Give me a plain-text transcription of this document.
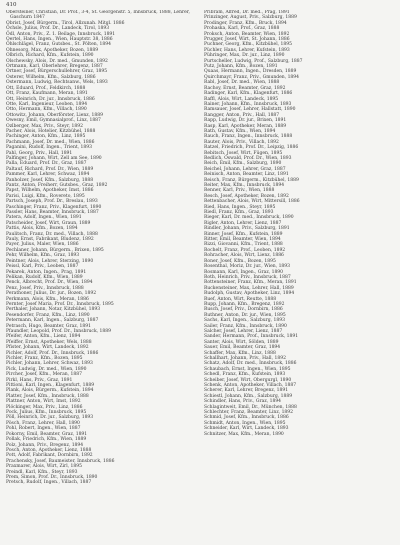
410

Obersteiner, Christian, Dr. Prof., 3-4, St. Georgenstr. 5, Innsbruck, 1888, Lehrer, Gaschurn 1847

Obrist, Josef, Bürgerm., Tirol, Allzunah. Mitgl. 1886

Öchsle, Julius, Prof. Dr., Landeck, Tirol, 1893

Ödl, Anton, Priv., Z. 1. Beilage, Innsbruck, 1891

Oertel, Hans, Ingen., Wien, Hauptstr. 38, 1886

Öhlschlägel, Franz, Gutsbes., St. Pölten, 1894

Ohnesorg, Max, Apotheker, Bozen, 1889

Olbrich, Richard, Kfm., Kufstein, 1890

Olschewsky, Alois, Dr. med., Gmunden, 1892

Ortmann, Karl, Oberlehrer, Bregenz, 1887

Ortner, Josef, Bürgerschullehrer, Graz, 1895

Osterer, Wilhelm, Kfm., Salzburg, 1886

Ostermann, Ludwig, Rechtsanw., Wels, 1893

Ott, Eduard, Prof., Feldkirch, 1888

Ott, Franz, Kaufmann, Meran, 1891

Ott, Heinrich, Dr. jur., Innsbruck, 1886

Otte, Karl, Ingenieur, Leoben, 1894

Otto, Hermann, Kfm., Villach, 1890

Ottowitz, Johann, Oberförster, Lienz, 1889

Owesny, Emil, Gymnasialprof., Linz, 1887

Ozlberger, Max, Priv., Steyr, 1892

Pacher, Alois, Hotelier, Kitzbühel, 1888

Pachinger, Anton, Kfm., Linz, 1895

Pachmann, Josef, Dr. med., Wien, 1886

Paganini, Rudolf, Ingen., Trient, 1893

Pahl, Georg, Priv., Hall, 1891

Palfinger, Johann, Wirt, Zell am See, 1890

Palla, Eduard, Prof. Dr., Graz, 1887

Paltauf, Richard, Prof. Dr., Wien, 1889

Pammer, Karl, Lehrer, Schwaz, 1894

Panholzer, Josef, Kfm., Salzburg, 1888

Pantz, Anton, Freiherr, Gutsbes., Graz, 1892

Papst, Wilhelm, Apotheker, Imst, 1886

Parisi, Luigi, Kfm., Rovereto, 1895

Partsch, Joseph, Prof. Dr., Breslau, 1893

Paschinger, Franz, Priv., Klagenfurt, 1890

Passler, Hans, Beamter, Innsbruck, 1887

Patera, Adolf, Ingen., Wien, 1891

Patscheider, Josef, Wirt, Graun, 1889

Pattis, Alois, Kfm., Bozen, 1894

Paulitsch, Franz, Dr. med., Villach, 1888

Pauly, Ernst, Fabrikant, Bludenz, 1892

Payer, Julius, Maler, Wien, 1886

Pechlaner, Johann, Bürgerm., Brixen, 1895

Pehr, Wilhelm, Kfm., Graz, 1893

Peintner, Alois, Lehrer, Sterzing, 1890

Peissl, Karl, Priv., Leoben, 1887

Pekarek, Anton, Ingen., Prag, 1891

Pelikan, Rudolf, Kfm., Wien, 1889

Penck, Albrecht, Prof. Dr., Wien, 1894

Penz, Josef, Priv., Innsbruck, 1888

Perathoner, Julius, Dr. jur., Bozen, 1892

Perkmann, Alois, Kfm., Meran, 1886

Pernter, Josef Maria, Prof. Dr., Innsbruck, 1895

Perthaler, Johann, Notar, Kitzbühel, 1893

Pesendorfer, Franz, Kfm., Linz, 1890

Petermann, Karl, Ingen., Salzburg, 1887

Petrasch, Hugo, Beamter, Graz, 1891

Pfaundler, Leopold, Prof. Dr., Innsbruck, 1889

Pfeifer, Anton, Kfm., Lienz, 1894

Pfeiffer, Ernst, Apotheker, Wels, 1888

Pfister, Johann, Wirt, Landeck, 1892

Pichler, Adolf, Prof. Dr., Innsbruck, 1886

Pichler, Franz, Kfm., Bozen, 1895

Pichler, Johann, Lehrer, Schwaz, 1893

Pick, Ludwig, Dr. med., Wien, 1890

Pircher, Josef, Kfm., Meran, 1887

Pirkl, Hans, Priv., Graz, 1891

Pittioni, Karl, Ingen., Klagenfurt, 1889

Plank, Alois, Bürgerm., Kufstein, 1894

Platter, Josef, Kfm., Innsbruck, 1888

Plattner, Anton, Wirt, Imst, 1892

Plöckinger, Max, Priv., Linz, 1886

Pock, Julius, Kfm., Innsbruck, 1895

Pöll, Heinrich, Dr. jur., Salzburg, 1893

Pösch, Franz, Lehrer, Hall, 1890

Pohl, Robert, Ingen., Wien, 1887

Pokorny, Emil, Beamter, Graz, 1891

Pollak, Friedrich, Kfm., Wien, 1889

Polz, Johann, Priv., Bregenz, 1894

Posch, Anton, Apotheker, Lienz, 1888

Pott, Adolf, Fabrikant, Dornbirn, 1892

Prachensky, Josef, Baumeister, Innsbruck, 1886

Praxmarer, Alois, Wirt, Zirl, 1895

Preindl, Karl, Kfm., Steyr, 1893

Prem, Simon, Prof. Dr., Innsbruck, 1890

Pretsch, Rudolf, Ingen., Villach, 1887

Pribram, Alfred, Dr. med., Prag, 1891

Prinzinger, August, Priv., Salzburg, 1889

Prodinger, Franz, Kfm., Bruck, 1894

Prohaska, Karl, Prof., Graz, 1888

Proksch, Anton, Beamter, Wien, 1892

Prugger, Josef, Wirt, St. Johann, 1886

Puchner, Georg, Kfm., Kitzbühel, 1895

Püchler, Hans, Lehrer, Kufstein, 1893

Pühringer, Max, Dr. jur., Linz, 1890

Purtscheller, Ludwig, Prof., Salzburg, 1887

Putz, Johann, Kfm., Bozen, 1891

Quaas, Hermann, Ingen., Dresden, 1889

Quirchmayr, Franz, Priv., Gmunden, 1894

Rabl, Josef, Dr. med., Wien, 1888

Rachoy, Ernst, Beamter, Graz, 1892

Radinger, Karl, Kfm., Klagenfurt, 1886

Raffl, Alois, Wirt, Landeck, 1895

Rainer, Johann, Kfm., Innsbruck, 1893

Ramsauer, Josef, Lehrer, Hallstatt, 1890

Rangger, Anton, Priv., Hall, 1887

Rapp, Ludwig, Dr. jur., Brixen, 1891

Rasp, Karl, Apotheker, Meran, 1889

Rath, Gustav, Kfm., Wien, 1894

Rauch, Franz, Ingen., Innsbruck, 1888

Rauter, Alois, Priv., Villach, 1892

Ratzel, Friedrich, Prof. Dr., Leipzig, 1886

Rebitsch, Josef, Wirt, Fügen, 1895

Redlich, Oswald, Prof. Dr., Wien, 1893

Reich, Emil, Kfm., Salzburg, 1890

Reichel, Johann, Lehrer, Graz, 1887

Reinisch, Anton, Beamter, Linz, 1891

Reisch, Franz, Bürgerm., Kitzbühel, 1889

Reiter, Max, Kfm., Innsbruck, 1894

Renner, Karl, Priv., Wien, 1888

Resch, Josef, Apotheker, Bozen, 1892

Rettenbacher, Alois, Wirt, Mittersill, 1886

Ried, Hans, Ingen., Steyr, 1895

Riedl, Franz, Kfm., Graz, 1893

Rieger, Karl, Dr. med., Innsbruck, 1890

Rigler, Anton, Lehrer, Lienz, 1887

Rindler, Johann, Priv., Salzburg, 1891

Rinner, Josef, Kfm., Kufstein, 1889

Ritter, Emil, Beamter, Wien, 1894

Rizzi, Giovanni, Kfm., Trient, 1888

Rochelt, Franz, Prof., Leoben, 1892

Rohracher, Alois, Wirt, Lienz, 1886

Roner, Josef, Kfm., Bozen, 1895

Rosenthal, Moriz, Dr. jur., Wien, 1893

Rosmann, Karl, Ingen., Graz, 1890

Roth, Heinrich, Priv., Innsbruck, 1887

Rottensteiner, Franz, Kfm., Meran, 1891

Ruckensteiner, Max, Lehrer, Hall, 1889

Rudolph, Gustav, Apotheker, Linz, 1894

Ruef, Anton, Wirt, Reutte, 1888

Rupp, Johann, Kfm., Bregenz, 1892

Rusch, Josef, Priv., Dornbirn, 1886

Ruthner, Anton, Dr. jur., Wien, 1895

Sachs, Karl, Ingen., Salzburg, 1893

Sailer, Franz, Kfm., Innsbruck, 1890

Salcher, Josef, Lehrer, Lienz, 1887

Sander, Hermann, Prof., Innsbruck, 1891

Santer, Alois, Wirt, Sölden, 1889

Sauer, Emil, Beamter, Graz, 1894

Schaffer, Max, Kfm., Linz, 1888

Schallhart, Johann, Priv., Hall, 1892

Schatz, Adolf, Dr. med., Innsbruck, 1886

Schaubach, Ernst, Ingen., Wien, 1895

Schedl, Franz, Kfm., Kufstein, 1893

Scheiber, Josef, Wirt, Obergurgl, 1890

Schenk, Anton, Apotheker, Villach, 1887

Scherer, Karl, Lehrer, Bregenz, 1891

Schiestl, Johann, Kfm., Salzburg, 1889

Schindler, Hans, Priv., Graz, 1894

Schlagintweit, Emil, Dr., München, 1888

Schlechter, Franz, Beamter, Linz, 1892

Schmid, Josef, Kfm., Innsbruck, 1886

Schmidt, Anton, Ingen., Wien, 1895

Schneider, Karl, Wirt, Landeck, 1893

Schnitzer, Max, Kfm., Meran, 1890
